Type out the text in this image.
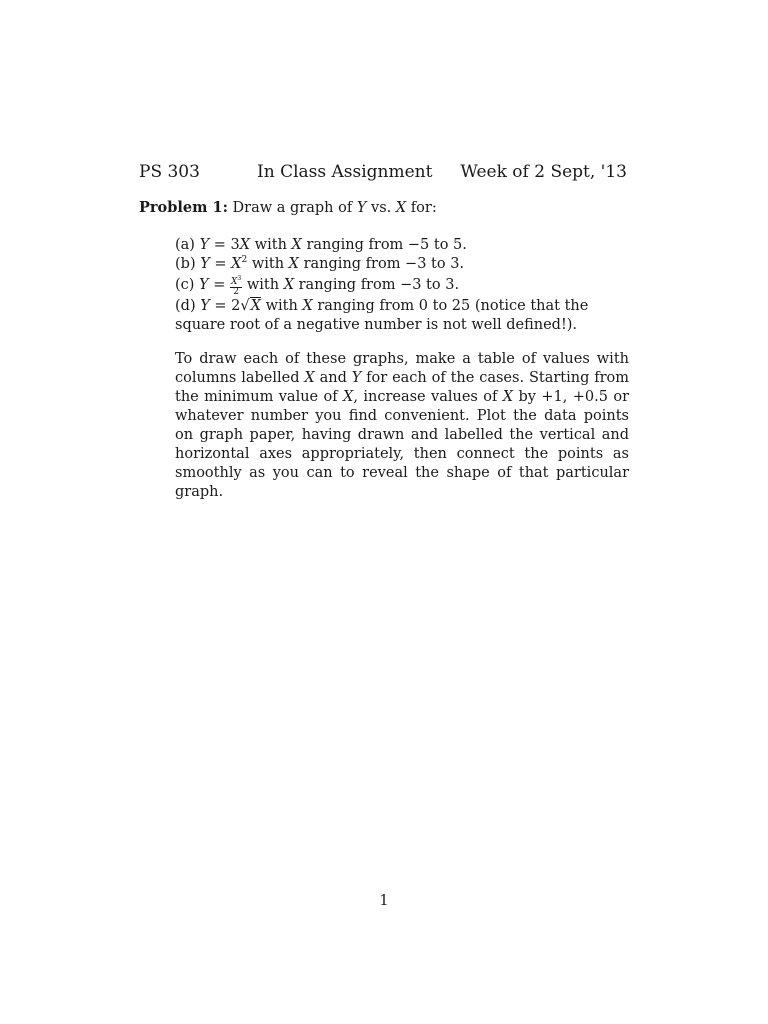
PS 303	In Class Assignment Week of 2 Sept, '13
Problem 1: Draw a graph of Y vs. X for:
(a) Y = 3X with X ranging from −5 to 5.
(b) $Y = X^2$ with X ranging from −3 to 3.
(c) $Y = \frac{X^3}{2}$ with X ranging from −3 to 3.
(d) Y = 2√X with X ranging from 0 to 25 (notice that the square root of a negative number is not well defined!).
To draw each of these graphs, make a table of values with columns labelled X and Y for each of the cases. Starting from the minimum value of X, increase values of X by +1, +0.5 or whatever number you find convenient. Plot the data points on graph paper, having drawn and labelled the vertical and horizontal axes appropriately, then connect the points as smoothly as you can to reveal the shape of that particular graph.
1
